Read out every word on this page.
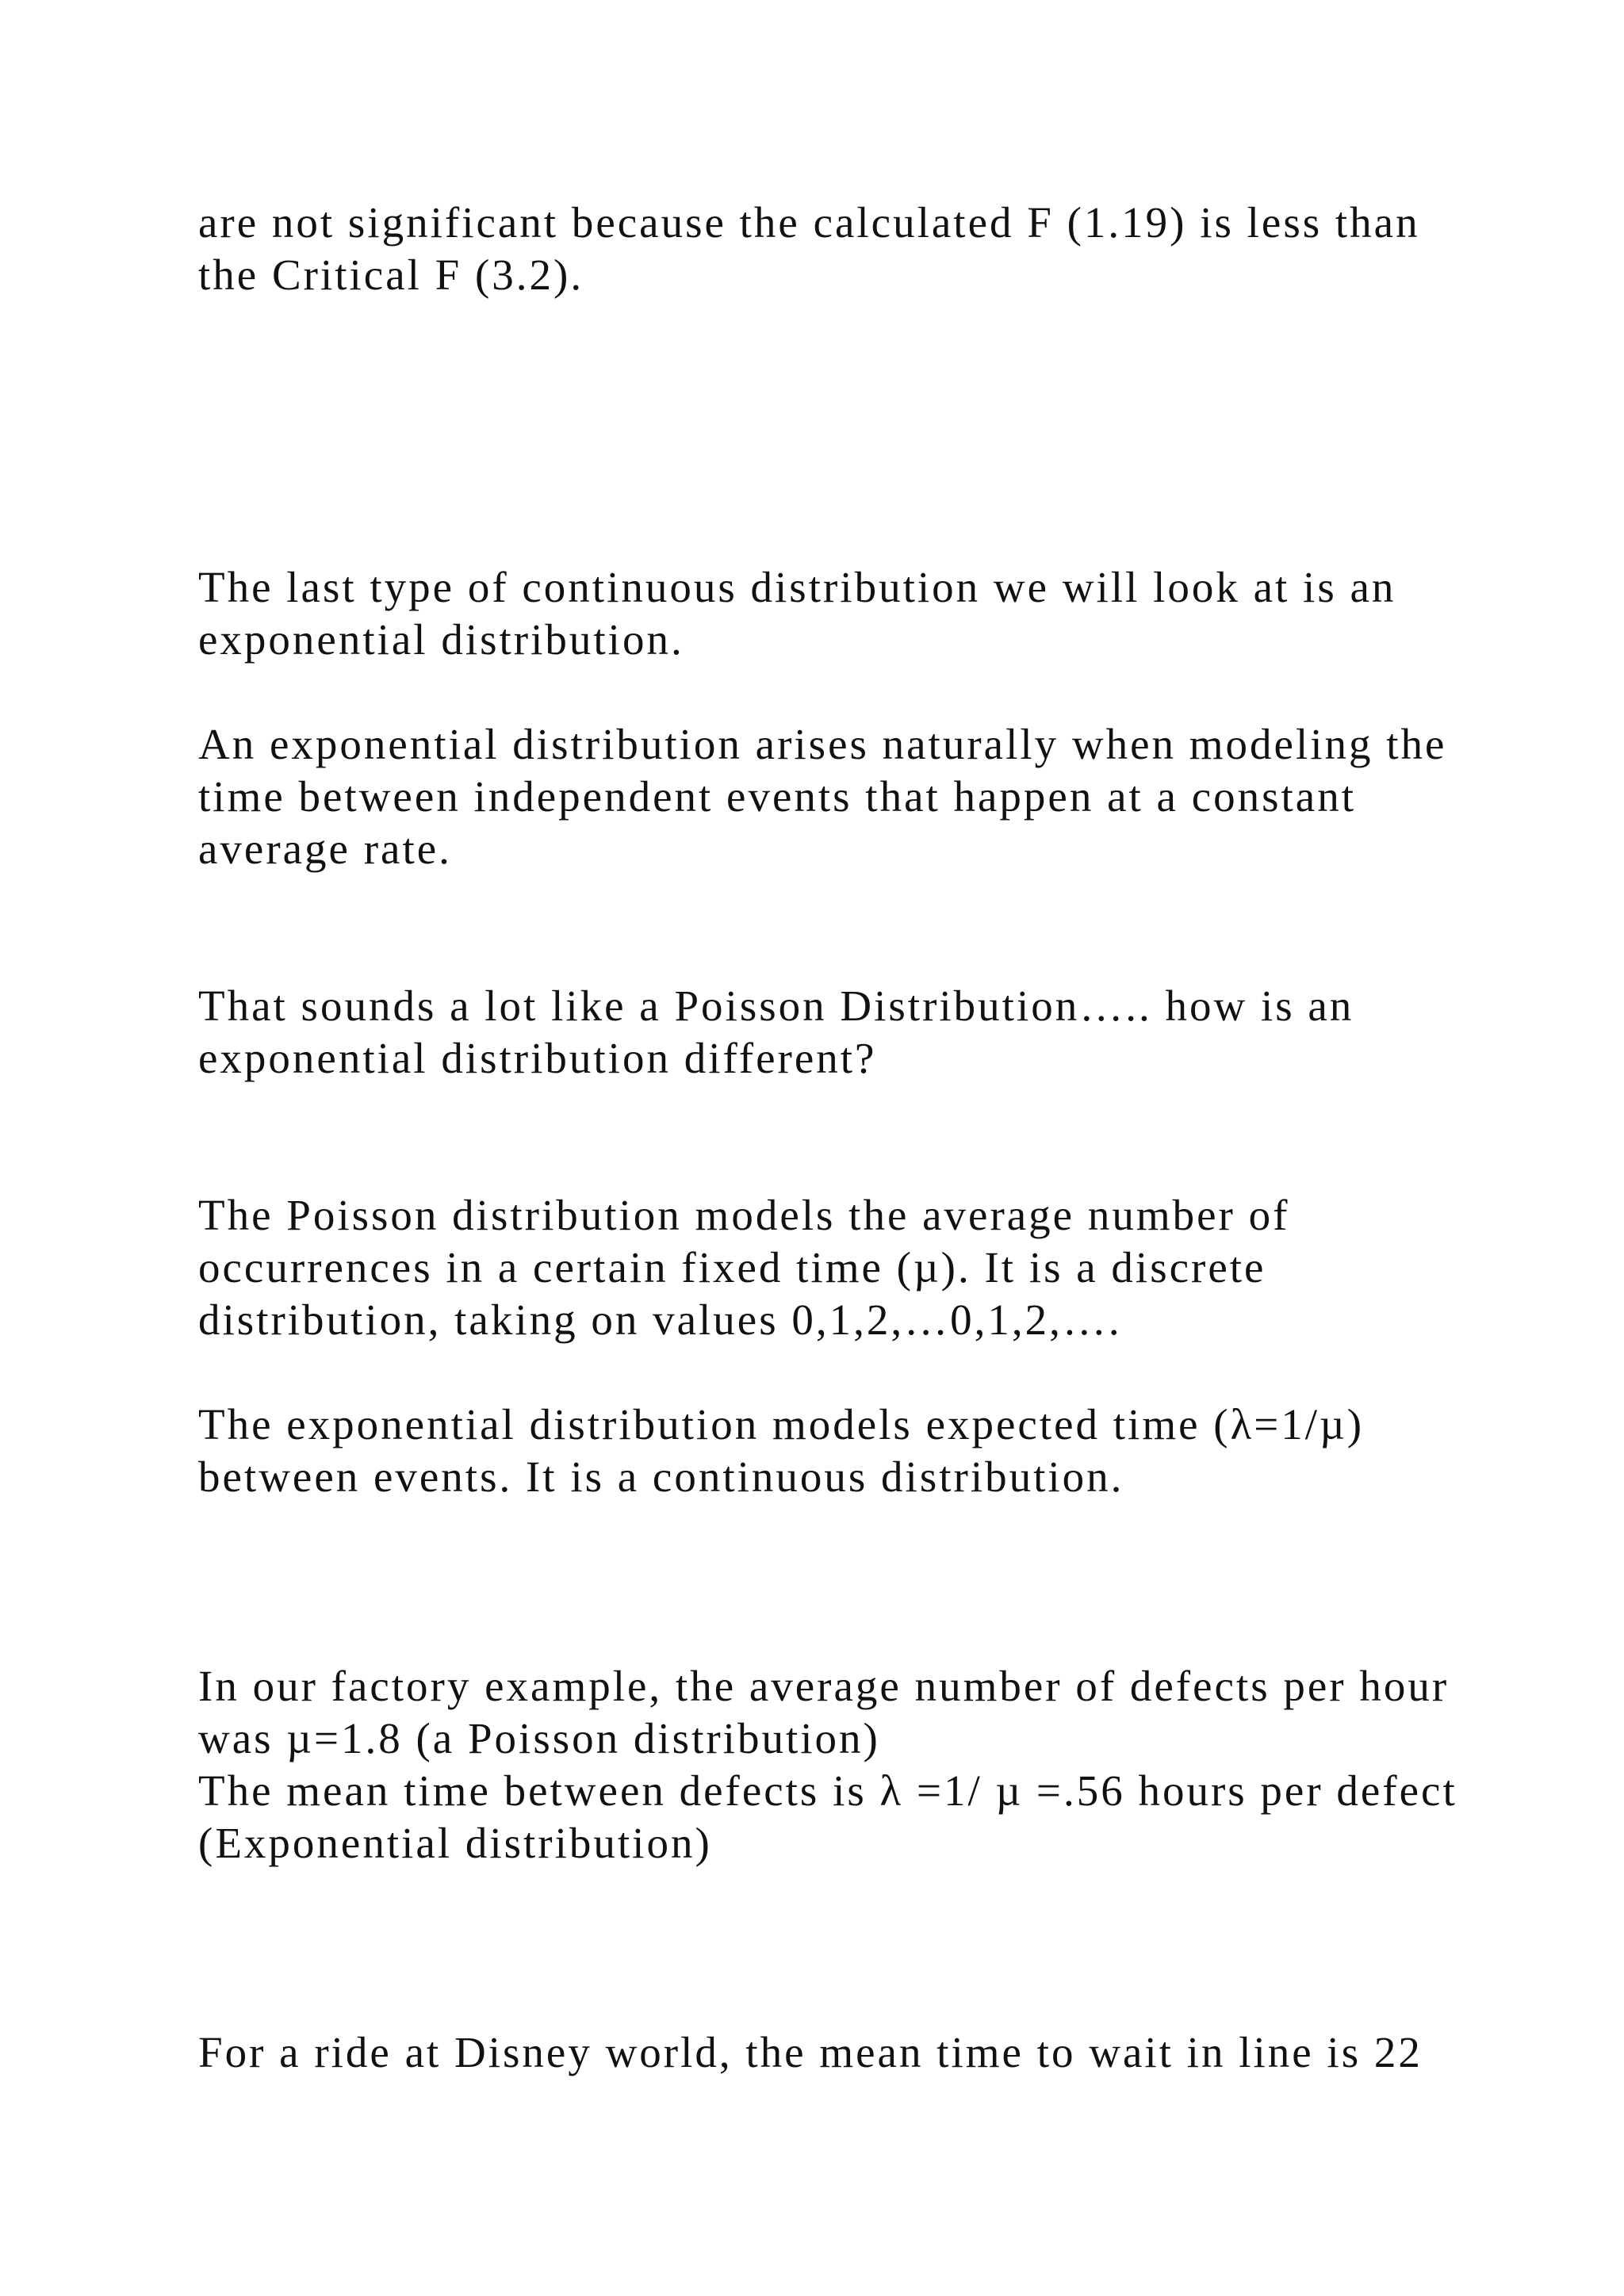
are not significant because the calculated F (1.19) is less than
the Critical F (3.2).
The last type of continuous distribution we will look at is an
exponential distribution.
An exponential distribution arises naturally when modeling the
time between independent events that happen at a constant
average rate.
That sounds a lot like a Poisson Distribution….. how is an
exponential distribution different?
The Poisson distribution models the average number of
occurrences in a certain fixed time (µ). It is a discrete
distribution, taking on values 0,1,2,…0,1,2,….
The exponential distribution models expected time (λ=1/µ)
between events. It is a continuous distribution.
In our factory example, the average number of defects per hour
was µ=1.8 (a Poisson distribution)
The mean time between defects is λ =1/ µ =.56 hours per defect
(Exponential distribution)
For a ride at Disney world, the mean time to wait in line is 22
